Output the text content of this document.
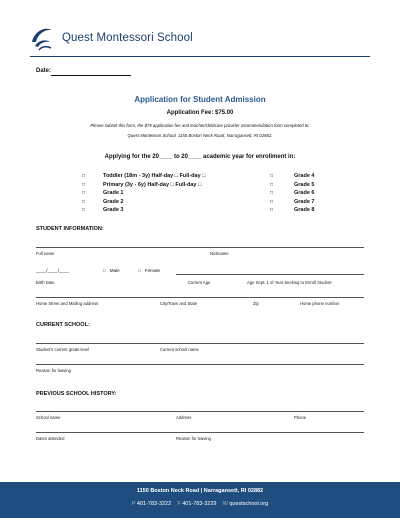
Quest Montessori School
Date:
Application for Student Admission
Application Fee: $75.00
Please submit this form, the $75 application fee and teacher/childcare provider recommendation form completed to:
Quest Montessori School, 1150 Boston Neck Road, Narragansett, RI 02882.
Applying for the 20____ to 20____ academic year for enrollment in:
□	Toddler (18m - 3y) Half-day □ Full-day □
□	Primary (3y - 6y) Half-day □ Full-day □
□	Grade 1
□	Grade 2
□	Grade 3
□	Grade 4
□	Grade 5
□	Grade 6
□	Grade 7
□	Grade 8
STUDENT INFORMATION:
Full name	Nickname
____/____/____	□ Male	□ Female
Birth Date	Current Age	Age Sept. 1 of Year Seeking to Enroll Student
Home Street and Mailing address	City/Town and State	Zip	Home phone number
CURRENT SCHOOL:
Student's current grade level	Current school name
Reason for leaving
PREVIOUS SCHOOL HISTORY:
School name	Address	Phone
Dates attended	Reason for leaving
1150 Boston Neck Road | Narragansett, RI 02882
P 401-783-3222 F 401-783-3229 W questschool.org
